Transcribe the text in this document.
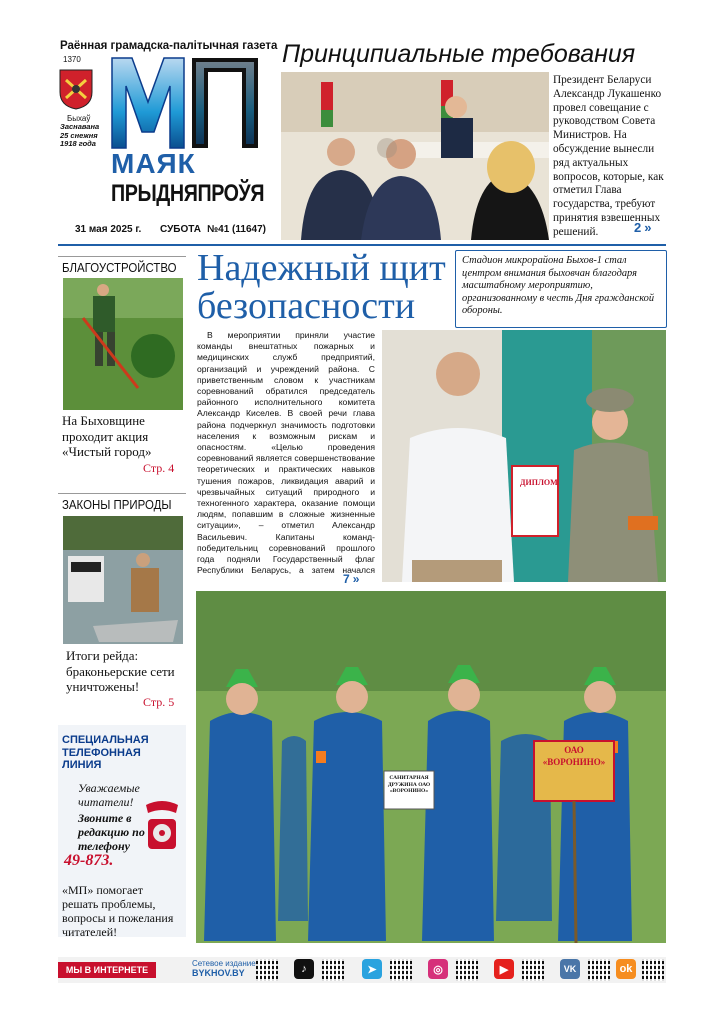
Раённая грамадска-палітычная газета
1370
Быхаў
Заснавана 25 снежня 1918 года
МАЯК
ПРЫДНЯПРОЎЯ
31 мая 2025 г. СУБОТА №41 (11647)
Принципиальные требования
Президент Беларуси Александр Лукашенко провел совещание с руководством Совета Министров. На обсуждение вынесли ряд актуальных вопросов, которые, как отметил Глава государства, требуют принятия взвешенных решений.	2 »
БЛАГОУСТРОЙСТВО
На Быховщине проходит акция «Чистый город»
Стр. 4
ЗАКОНЫ ПРИРОДЫ
Итоги рейда: браконьерские сети уничтожены!
Стр. 5
СПЕЦИАЛЬНАЯ ТЕЛЕФОННАЯ ЛИНИЯ
Уважаемые читатели!
Звоните в редакцию по телефону
49-873.
«МП» помогает решать проблемы, вопросы и пожелания читателей!
Надежный щит
безопасности
Стадион микрорайона Быхов-1 стал центром внимания быховчан благодаря масштабному мероприятию, организованному в честь Дня гражданской обороны.
В мероприятии приняли участие команды внештатных пожарных и медицинских служб предприятий, организаций и учреждений района. С приветственным словом к участникам соревнований обратился председатель районного исполнительного комитета Александр Киселев. В своей речи глава района подчеркнул значимость подготовки населения к возможным рискам и опасностям. «Целью проведения соревнований является совершенствование теоретических и практических навыков тушения пожаров, ликвидация аварий и чрезвычайных ситуаций природного и техногенного характера, оказание помощи людям, попавшим в сложные жизненные ситуации», – отметил Александр Васильевич. Капитаны команд-победительниц соревнований прошлого года подняли Государственный флаг Республики Беларусь, а затем начался
7 »
ДИПЛОМ
САНИТАРНАЯ ДРУЖИНА ОАО «ВОРОНИНО»
ОАО
«ВОРОНИНО»
МЫ В ИНТЕРНЕТЕ
Сетевое издание
BYKHOV.BY	♪	➤	◎	▶	VK	ok
